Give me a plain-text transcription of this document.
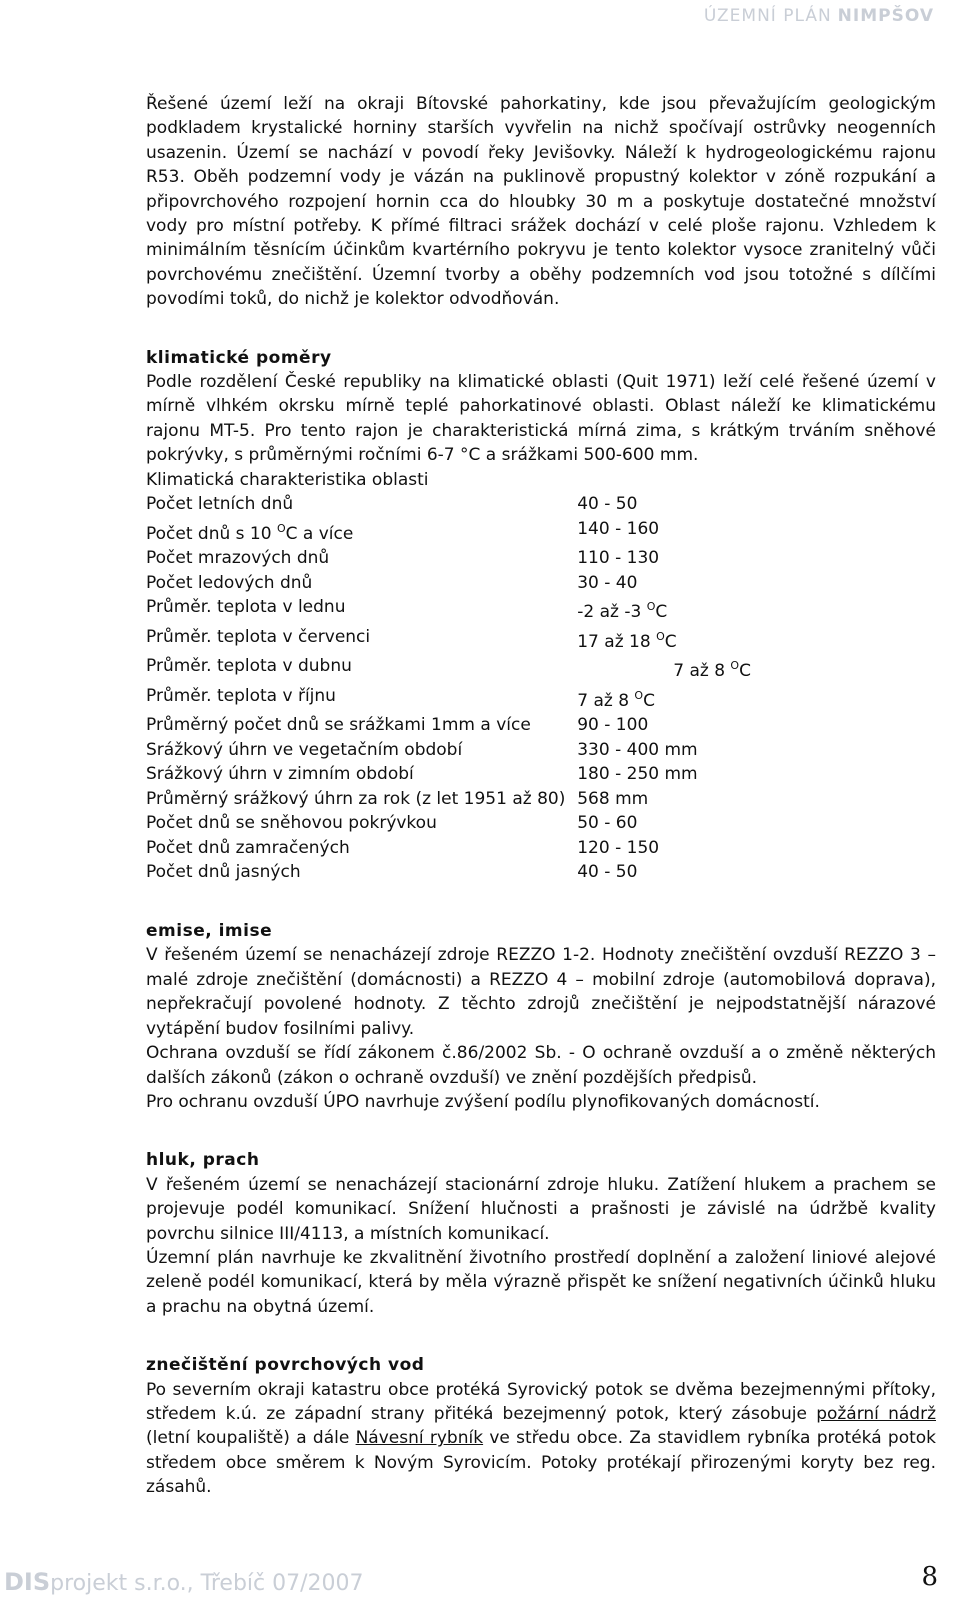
ÚZEMNÍ PLÁN NIMPŠOV

Řešené území leží na okraji Bítovské pahorkatiny, kde jsou převažujícím geologickým podkladem krystalické horniny starších vyvřelin na nichž spočívají ostrůvky neogenních usazenin. Území se nachází v povodí řeky Jevišovky. Náleží k hydrogeologickému rajonu R53. Oběh podzemní vody je vázán na puklinově propustný kolektor v zóně rozpukání a připovrchového rozpojení hornin cca do hloubky 30 m a poskytuje dostatečné množství vody pro místní potřeby. K přímé filtraci srážek dochází v celé ploše rajonu. Vzhledem k minimálním těsnícím účinkům kvartérního pokryvu je tento kolektor vysoce zranitelný vůči povrchovému znečištění. Územní tvorby a oběhy podzemních vod jsou totožné s dílčími povodími toků, do nichž je kolektor odvodňován.

klimatické poměry

Podle rozdělení České republiky na klimatické oblasti (Quit 1971) leží celé řešené území v mírně vlhkém okrsku mírně teplé pahorkatinové oblasti. Oblast náleží ke klimatickému rajonu MT-5. Pro tento rajon je charakteristická mírná zima, s krátkým trváním sněhové pokrývky, s průměrnými ročními 6-7 °C a srážkami 500-600 mm.

Klimatická charakteristika oblasti

Počet letních dnů	40 - 50
Počet dnů s 10 $^O$C a více	140 - 160
Počet mrazových dnů	110 - 130
Počet ledových dnů	30 - 40
Průměr. teplota v lednu	-2 až -3 $^O$C
Průměr. teplota v červenci	17 až 18 $^O$C
Průměr. teplota v dubnu	7 až 8 $^O$C
Průměr. teplota v říjnu	7 až 8 $^O$C
Průměrný počet dnů se srážkami 1mm a více	90 - 100
Srážkový úhrn ve vegetačním období	330 - 400 mm
Srážkový úhrn v zimním období	180 - 250 mm
Průměrný srážkový úhrn za rok (z let 1951 až 80)	568 mm
Počet dnů se sněhovou pokrývkou	50 - 60
Počet dnů zamračených	120 - 150
Počet dnů jasných	40 - 50

emise, imise

V řešeném území se nenacházejí zdroje REZZO 1-2. Hodnoty znečištění ovzduší REZZO 3 – malé zdroje znečištění (domácnosti) a REZZO 4 – mobilní zdroje (automobilová doprava), nepřekračují povolené hodnoty. Z těchto zdrojů znečištění je nejpodstatnější nárazové vytápění budov fosilními palivy.

Ochrana ovzduší se řídí zákonem č.86/2002 Sb. - O ochraně ovzduší a o změně některých dalších zákonů (zákon o ochraně ovzduší) ve znění pozdějších předpisů.

Pro ochranu ovzduší ÚPO navrhuje zvýšení podílu plynofikovaných domácností.

hluk, prach

V řešeném území se nenacházejí stacionární zdroje hluku. Zatížení hlukem a prachem se projevuje podél komunikací. Snížení hlučnosti a prašnosti je závislé na údržbě kvality povrchu silnice III/4113, a místních komunikací.

Územní plán navrhuje ke zkvalitnění životního prostředí doplnění a založení liniové alejové zeleně podél komunikací, která by měla výrazně přispět ke snížení negativních účinků hluku a prachu na obytná území.

znečištění povrchových vod

Po severním okraji katastru obce protéká Syrovický potok se dvěma bezejmennými přítoky, středem k.ú. ze západní strany přitéká bezejmenný potok, který zásobuje požární nádrž (letní koupaliště) a dále Návesní rybník ve středu obce. Za stavidlem rybníka protéká potok středem obce směrem k Novým Syrovicím. Potoky protékají přirozenými koryty bez reg. zásahů.

DISprojekt s.r.o., Třebíč 07/2007	8
